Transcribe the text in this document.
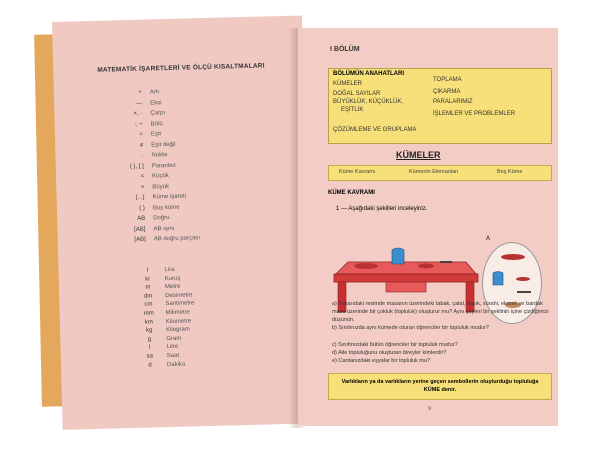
MATEMATİK İŞARETLERİ VE ÖLÇÜ KISALTMALARI
+ Artı
— Eksi
×, · Çarpı
:, ÷ Bölü
= Eşit
≠ Eşit değil
. Nokta
( ), [ ] Parantez
< Küçük
> Büyük
{...} Küme işareti
( ) Boş küme
AB Doğru
[AB] AB ışını
[AB] AB doğru parçası
l	Lira
kr Kuruş
m Metre
dm Desimetre
cm Santimetre
mm Milimetre
km Kilometre
kg Kilogram
g	Gram
l	Litre
sa Saat
d	Dakika
I BÖLÜM
BÖLÜMÜN ANAHATLARI
KÜMELER
DOĞAL SAYILAR
BÜYÜKLÜK, KÜÇÜKLÜK,
EŞİTLİK
ÇÖZÜMLEME VE GRUPLAMA
TOPLAMA
ÇIKARMA
PARALARIMIZ
İŞLEMLER VE PROBLEMLER
KÜMELER
Küme Kavramı	Kümenin Elemanları	Boş Küme
KÜME KAVRAMI
1 — Aşağıdaki şekilleri inceleyiniz.
A
a) Yukarıdaki resimde masanın üzerindeki tabak, çatal, kaşık, sürahi, ekmek ve bardak masa üzerinde bir çokluk (topluluk) oluşturur mu? Aynı şeyleri bir şeklinin içine çizdiğimizi düşünün.
b) Sınıfınızda aynı kümede oturan öğrenciler bir topluluk mudur?
c) Sınıfınızdaki bütün öğrenciler bir topluluk mudur?
d) Aile topluluğunu oluşturan bireyler kimlerdir?
e) Cantanızdaki eşyalar bir topluluk mu?
Varlıkların ya da varlıkların yerine geçen sembollerin oluşturduğu topluluğa KÜME denir.
9
